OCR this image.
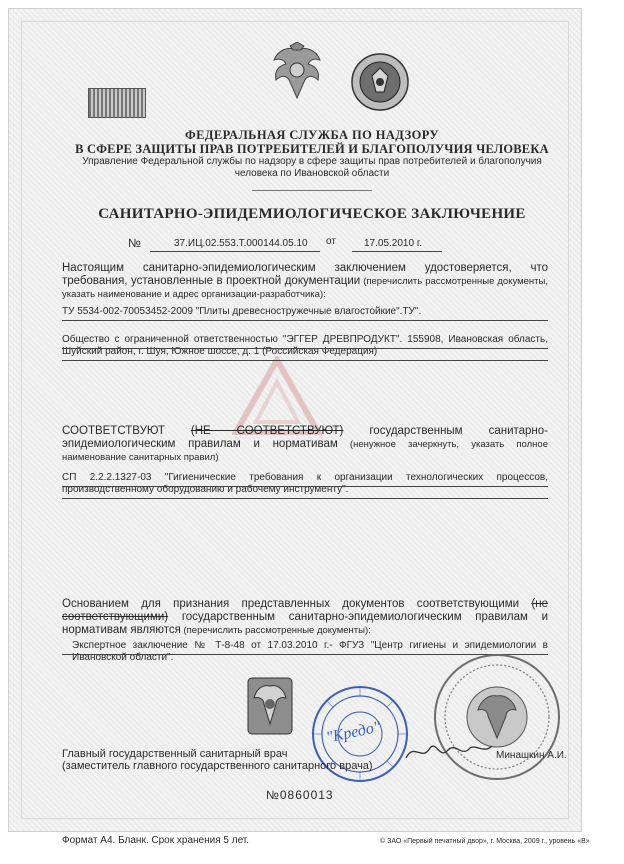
ФЕДЕРАЛЬНАЯ СЛУЖБА ПО НАДЗОРУ
В СФЕРЕ ЗАЩИТЫ ПРАВ ПОТРЕБИТЕЛЕЙ И БЛАГОПОЛУЧИЯ ЧЕЛОВЕКА
Управление Федеральной службы по надзору в сфере защиты прав потребителей и благополучия
человека по Ивановской области
САНИТАРНО-ЭПИДЕМИОЛОГИЧЕСКОЕ ЗАКЛЮЧЕНИЕ
№	37.ИЦ.02.553.Т.000144.05.10 от	17.05.2010 г.
Настоящим санитарно-эпидемиологическим заключением удостоверяется, что требования, установленные в проектной документации (перечислить рассмотренные документы, указать наименование и адрес организации-разработчика):
ТУ 5534-002-70053452-2009 "Плиты древесностружечные влагостойкие".ТУ".
Общество с ограниченной ответственностью "ЭГГЕР ДРЕВПРОДУКТ". 155908, Ивановская область, Шуйский район, г. Шуя, Южное шоссе, д. 1 (Российская Федерация)
СООТВЕТСТВУЮТ (НЕ СООТВЕТСТВУЮТ) государственным санитарно-эпидемиологическим правилам и нормативам (ненужное зачеркнуть, указать полное наименование санитарных правил)
СП 2.2.2.1327-03 "Гигиенические требования к организации технологических процессов, производственному оборудованию и рабочему инструменту".
Основанием для признания представленных документов соответствующими (не соответствующими) государственным санитарно-эпидемиологическим правилам и нормативам являются (перечислить рассмотренные документы):
Экспертное заключение № Т-8-48 от 17.03.2010 г.- ФГУЗ "Центр гигиены и эпидемиологии в Ивановской области".
"Кредо"
Главный государственный санитарный врач
(заместитель главного государственного санитарного врача)
Минашкин А.И.
№0860013
Формат А4. Бланк. Срок хранения 5 лет.	© ЗАО «Первый печатный двор», г. Москва, 2009 г., уровень «В»
